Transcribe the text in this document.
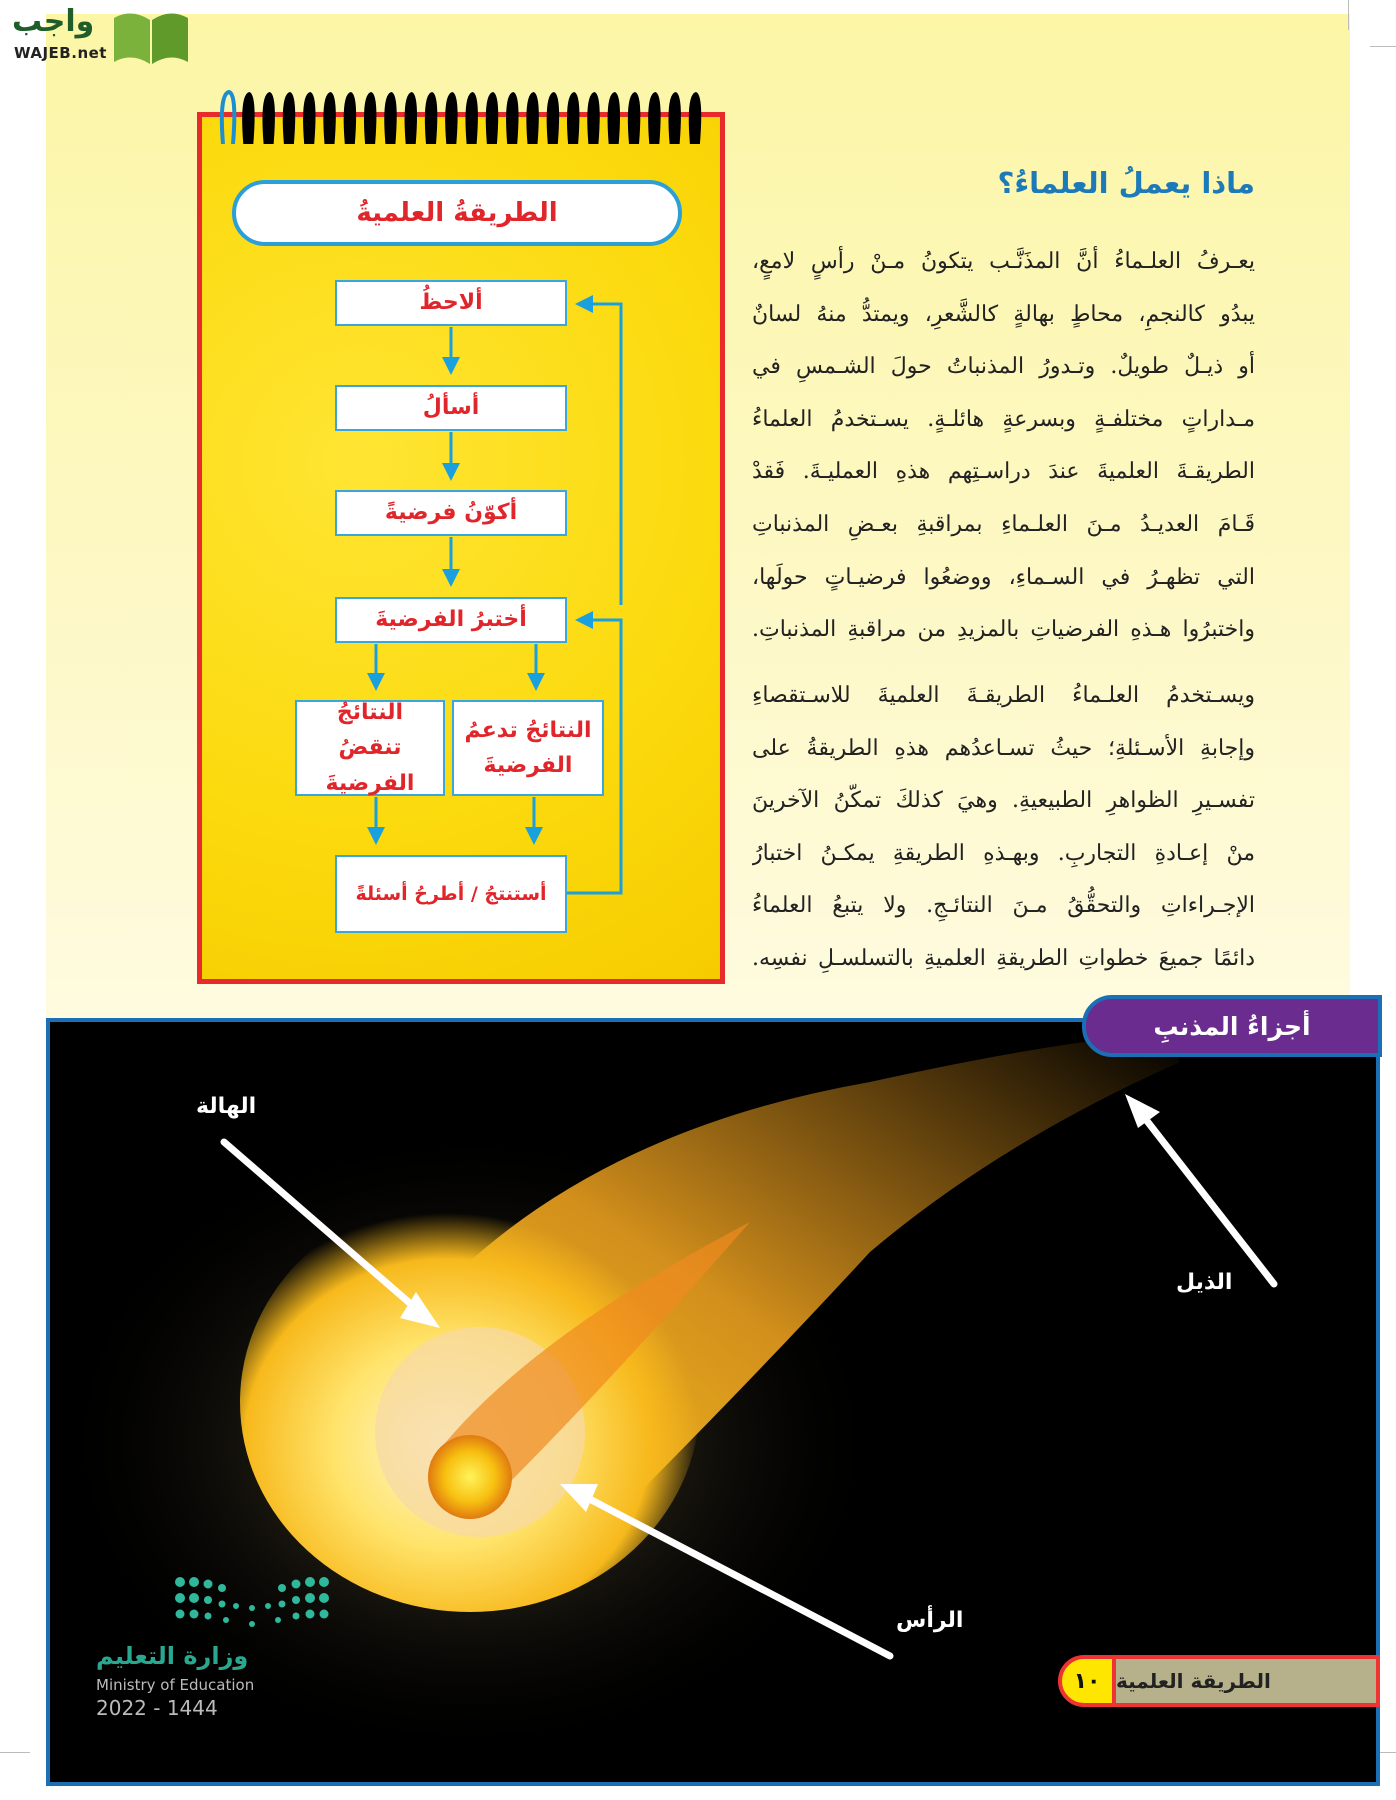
واجب
WAJEB.net
الطريقةُ العلميةُ
ألاحظُ
أسألُ
أكوّنُ فرضيةً
أختبرُ الفرضيةَ
النتائجُ تدعمُ الفرضيةَ
النتائجُ تنقضُ الفرضيةَ
أستنتجُ / أطرحُ أسئلةً
ماذا يعملُ العلماءُ؟
يعـرفُ العلـماءُ أنَّ المذَنَّـب يتكونُ مـنْ رأسٍ لامعٍ،
يبدُو كالنجمِ، محاطٍ بهالةٍ كالشَّعرِ، ويمتدُّ منهُ لسانٌ
أو ذيـلٌ طويلٌ. وتـدورُ المذنباتُ حولَ الشـمسِ في
مـداراتٍ مختلفـةٍ وبسرعةٍ هائلـةٍ. يسـتخدمُ العلماءُ
الطريقـةَ العلميةَ عندَ دراسـتِهم هذهِ العمليـةَ. فَقدْ
قَـامَ العديـدُ مـنَ العلـماءِ بمراقبةِ بعـضِ المذنباتِ
التي تظهـرُ في السـماءِ، ووضعُوا فرضيـاتٍ حولَها،
واختبرُوا هـذهِ الفرضياتِ بالمزيدِ من مراقبةِ المذنباتِ.
ويسـتخدمُ العلـماءُ الطريقـةَ العلميةَ للاسـتقصاءِ
وإجابةِ الأسـئلةِ؛ حيثُ تسـاعدُهم هذهِ الطريقةُ على
تفسـيرِ الظواهرِ الطبيعيةِ. وهيَ كذلكَ تمكّنُ الآخرينَ
منْ إعـادةِ التجاربِ. وبهـذهِ الطريقةِ يمكـنُ اختبارُ
الإجـراءاتِ والتحقُّقُ مـنَ النتائـجِ. ولا يتبعُ العلماءُ
دائمًا جميعَ خطواتِ الطريقةِ العلميةِ بالتسلسـلِ نفسِه.
أجزاءُ المذنبِ
الهالة
الذيل
الرأس
وزارة التعليم
Ministry of Education
2022 - 1444
١٠ الطريقة العلمية
